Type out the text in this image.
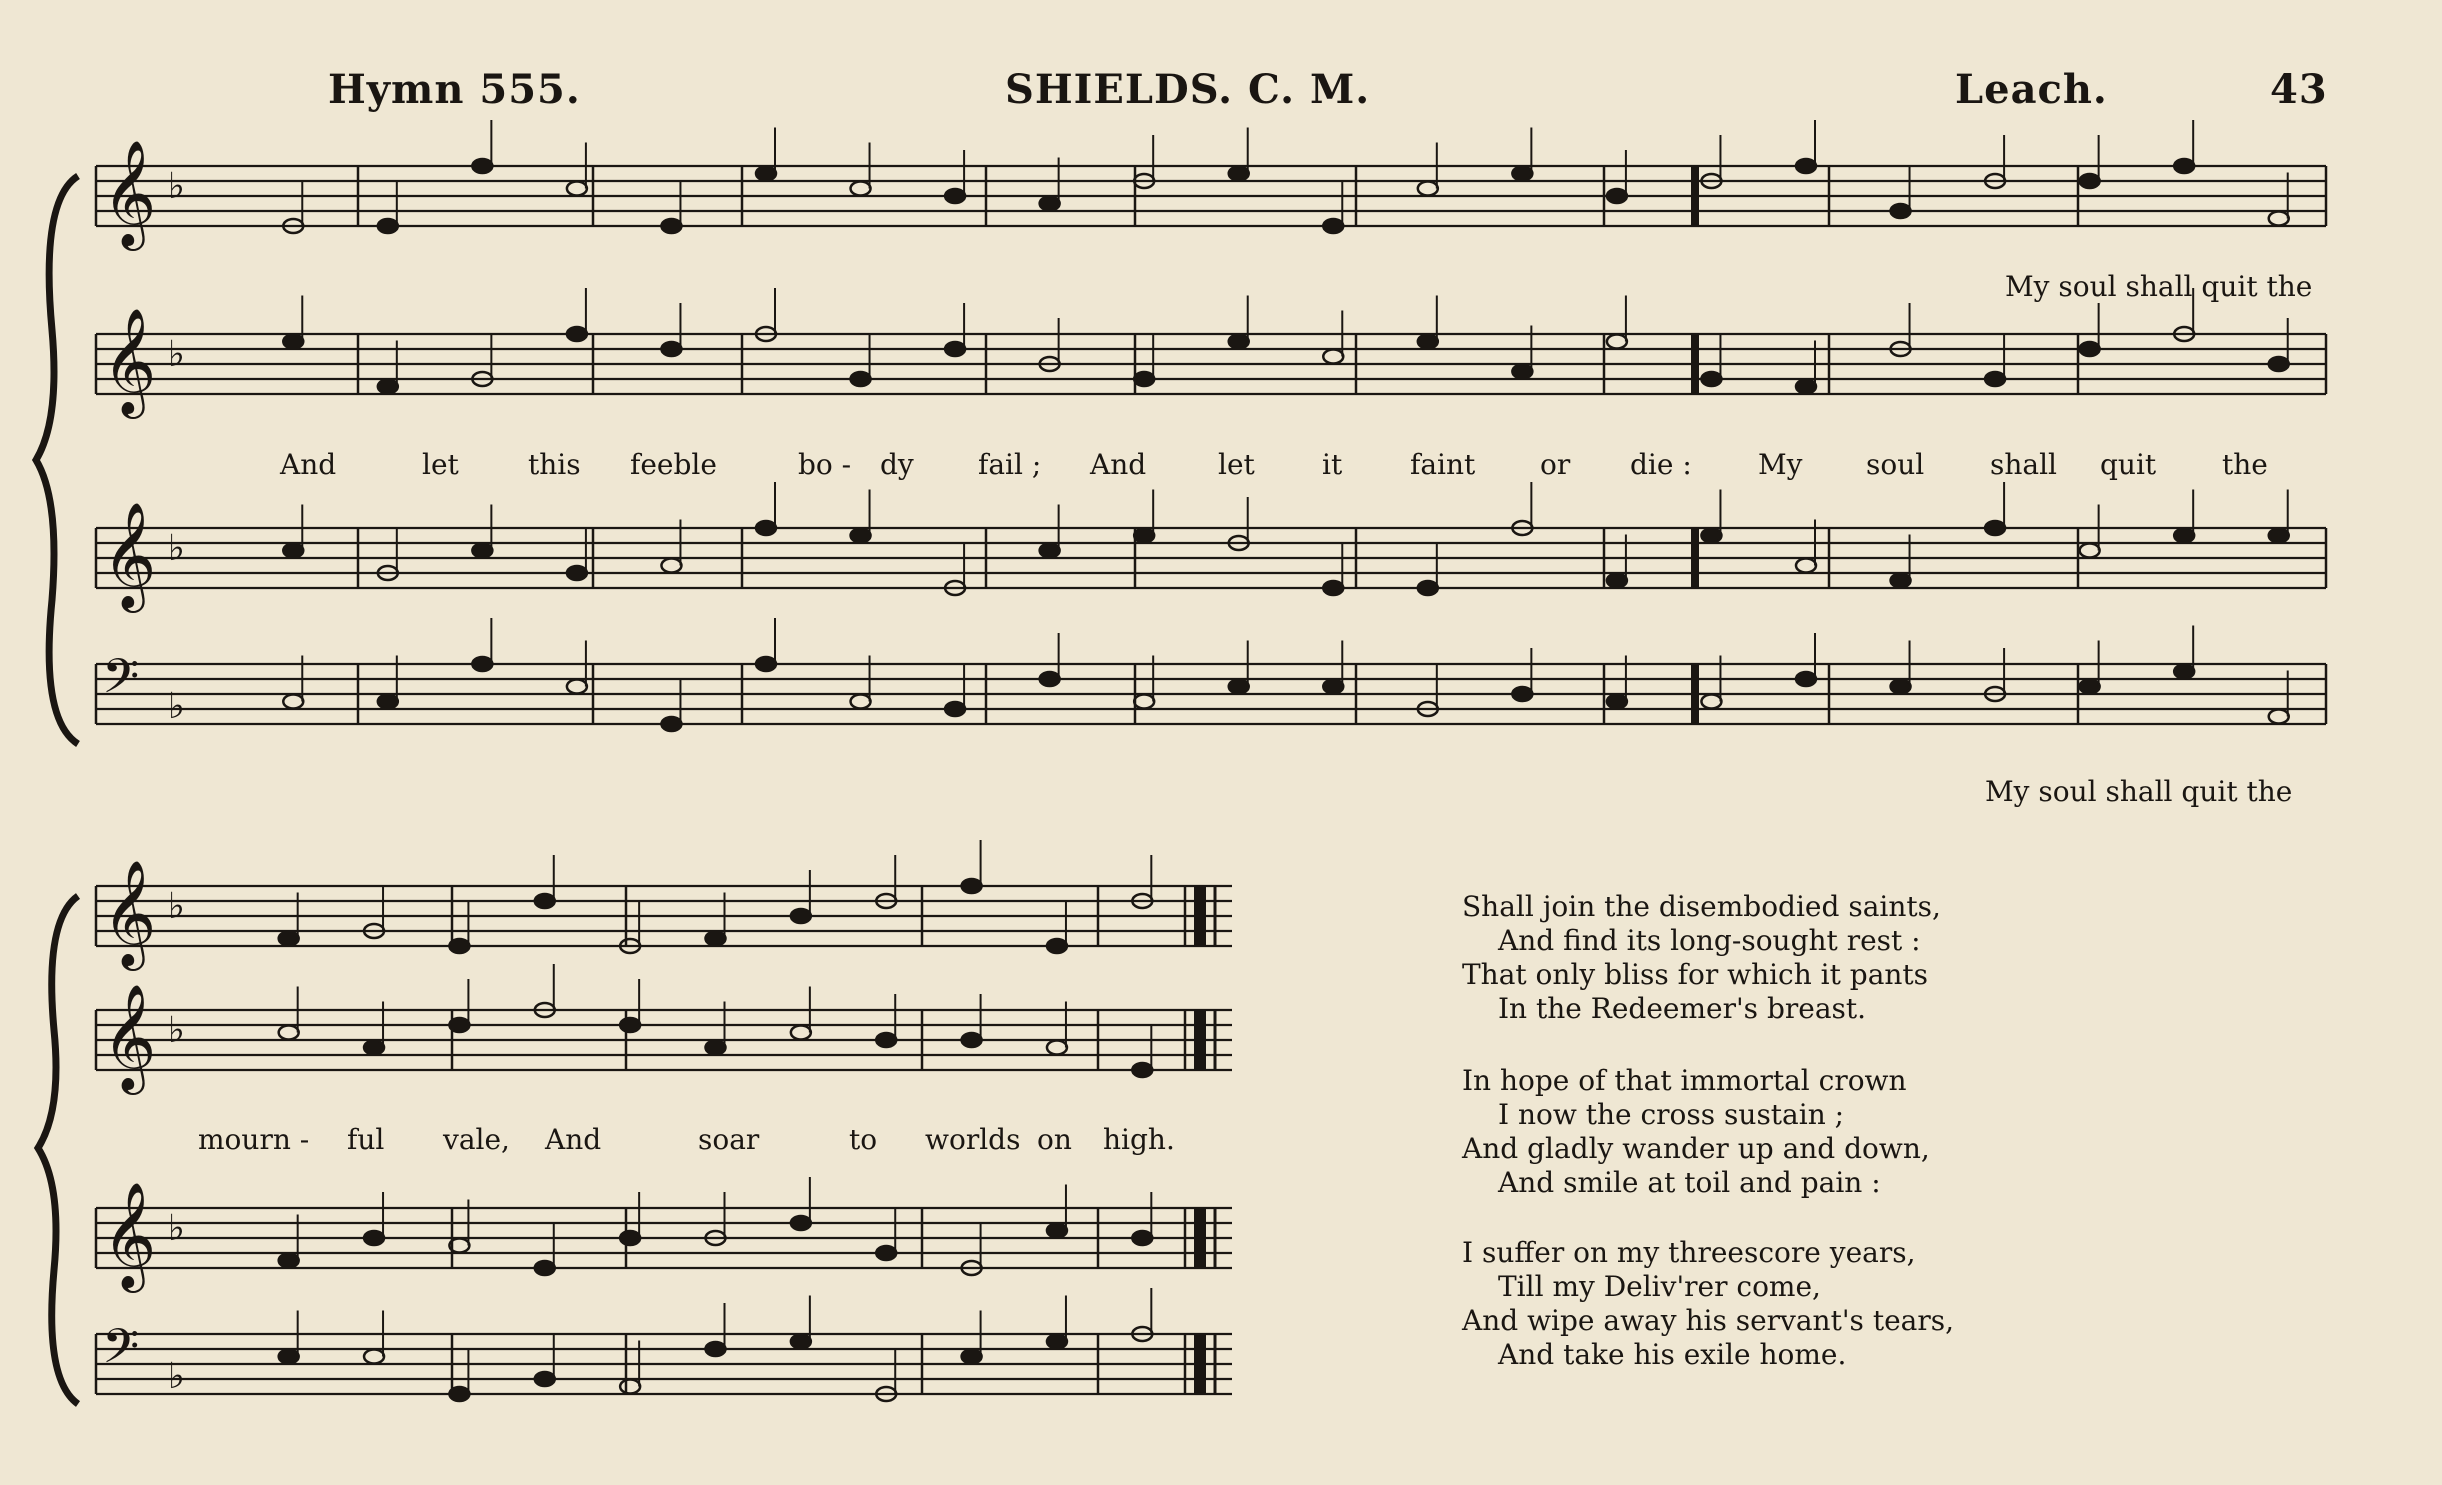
𝄞 ♭
𝄞 ♭
𝄞 ♭
𝄢 ♭
𝄞 ♭
𝄞 ♭
𝄞 ♭
𝄢 ♭
Hymn 555.	SHIELDS. C. M.	Leach.	43
My soul shall quit the
My soul shall quit the
And	let this feeble	bo - dy fail ; And	let it faint or die : My soul shall quit the
mourn - ful vale, And	soar	to worlds on high.
Shall join the disembodied saints,
And find its long-sought rest :
That only bliss for which it pants
In the Redeemer's breast.
In hope of that immortal crown
I now the cross sustain ;
And gladly wander up and down,
And smile at toil and pain :
I suffer on my threescore years,
Till my Deliv'rer come,
And wipe away his servant's tears,
And take his exile home.
